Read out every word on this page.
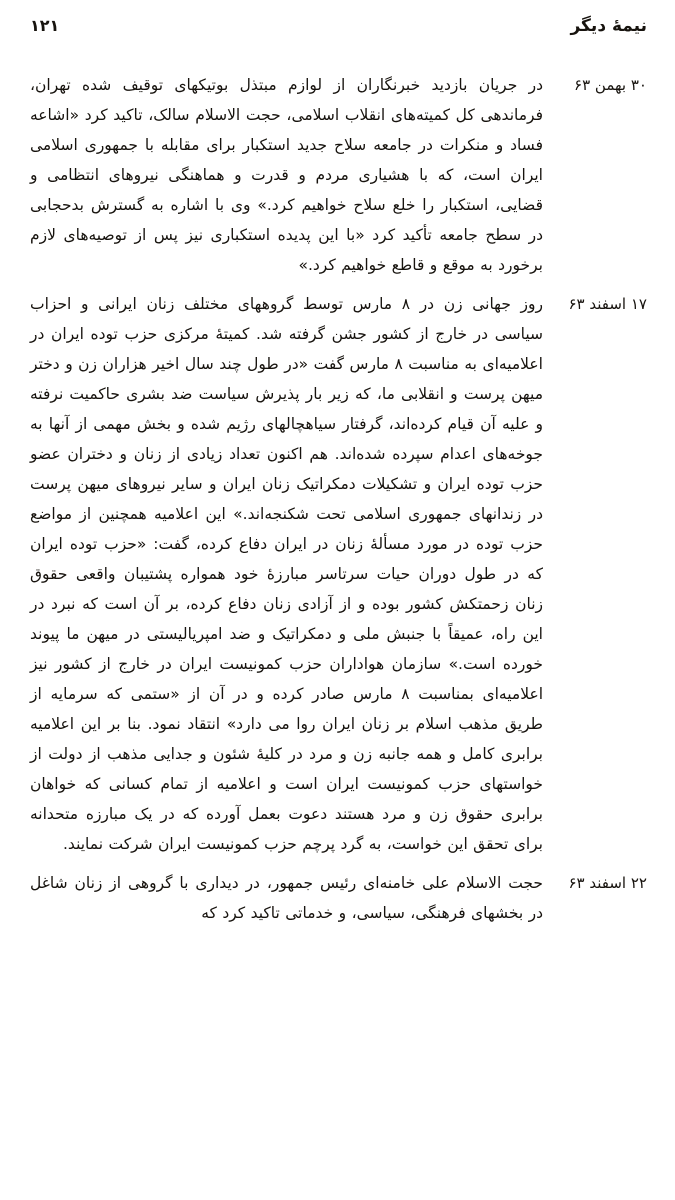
نیمهٔ دیگر
۱۲۱
۳۰ بهمن ۶۳

در جریان بازدید خبرنگاران از لوازم مبتذل بوتیکهای توقیف شده تهران، فرماندهی کل کمیته‌های انقلاب اسلامی، حجت الاسلام سالک، تاکید کرد «اشاعه فساد و منکرات در جامعه سلاح جدید استکبار برای مقابله با جمهوری اسلامی ایران است، که با هشیاری مردم و قدرت و هماهنگی نیروهای انتظامی و قضایی، استکبار را خلع سلاح خواهیم کرد.» وی با اشاره به گسترش بدحجابی در سطح جامعه تأکید کرد «با این پدیده استکباری نیز پس از توصیه‌های لازم برخورد به موقع و قاطع خواهیم کرد.»

۱۷ اسفند ۶۳

روز جهانی زن در ۸ مارس توسط گروههای مختلف زنان ایرانی و احزاب سیاسی در خارج از کشور جشن گرفته شد. کمیتهٔ مرکزی حزب توده ایران در اعلامیه‌ای به مناسبت ۸ مارس گفت «در طول چند سال اخیر هزاران زن و دختر میهن پرست و انقلابی ما، که زیر بار پذیرش سیاست ضد بشری حاکمیت نرفته و علیه آن قیام کرده‌اند، گرفتار سیاهچالهای رژیم شده و بخش مهمی از آنها به جوخه‌های اعدام سپرده شده‌اند. هم اکنون تعداد زیادی از زنان و دختران عضو حزب توده ایران و تشکیلات دمکراتیک زنان ایران و سایر نیروهای میهن پرست در زندانهای جمهوری اسلامی تحت شکنجه‌اند.» این اعلامیه همچنین از مواضع حزب توده در مورد مسألهٔ زنان در ایران دفاع کرده، گفت: «حزب توده ایران که در طول دوران حیات سرتاسر مبارزهٔ خود همواره پشتیبان واقعی حقوق زنان زحمتکش کشور بوده و از آزادی زنان دفاع کرده، بر آن است که نبرد در این راه، عمیقاً با جنبش ملی و دمکراتیک و ضد امپریالیستی در میهن ما پیوند خورده است.» سازمان هواداران حزب کمونیست ایران در خارج از کشور نیز اعلامیه‌ای بمناسبت ۸ مارس صادر کرده و در آن از «ستمی که سرمایه از طریق مذهب اسلام بر زنان ایران روا می دارد» انتقاد نمود. بنا بر این اعلامیه برابری کامل و همه جانبه زن و مرد در کلیهٔ شئون و جدایی مذهب از دولت از خواستهای حزب کمونیست ایران است و اعلامیه از تمام کسانی که خواهان برابری حقوق زن و مرد هستند دعوت بعمل آورده که در یک مبارزه متحدانه برای تحقق این خواست، به گرد پرچم حزب کمونیست ایران شرکت نمایند.

۲۲ اسفند ۶۳

حجت الاسلام علی خامنه‌ای رئیس جمهور، در دیداری با گروهی از زنان شاغل در بخشهای فرهنگی، سیاسی، و خدماتی تاکید کرد که
